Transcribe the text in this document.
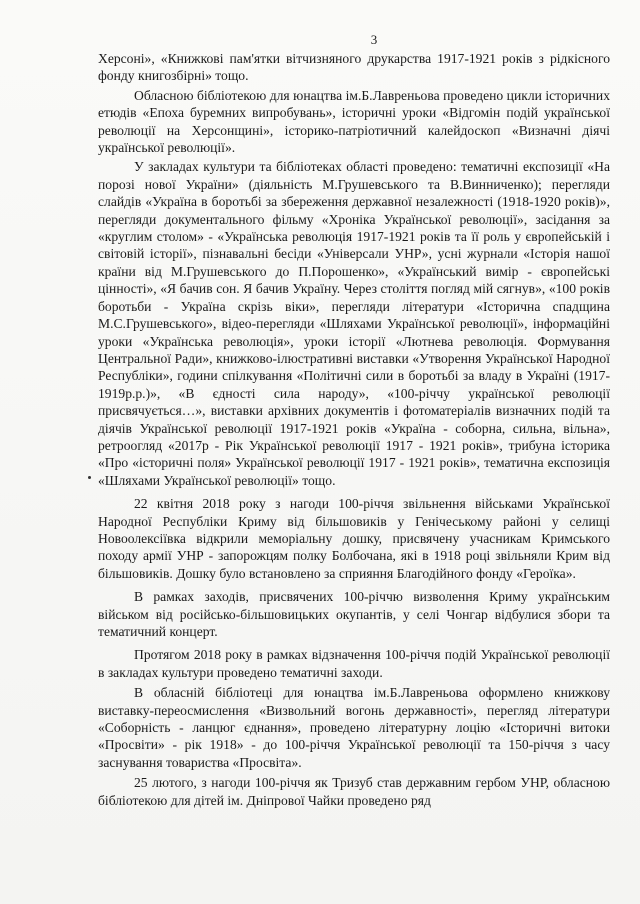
3

Херсоні», «Книжкові пам'ятки вітчизняного друкарства 1917-1921 років з рідкісного фонду книгозбірні» тощо.

Обласною бібліотекою для юнацтва ім.Б.Лавреньова проведено цикли історичних етюдів «Епоха буремних випробувань», історичні уроки «Відгомін подій української революції на Херсонщині», історико-патріотичний калейдоскоп «Визначні діячі української революції».

У закладах культури та бібліотеках області проведено: тематичні експозиції «На порозі нової України» (діяльність М.Грушевського та В.Винниченко); перегляди слайдів «Україна в боротьбі за збереження державної незалежності (1918-1920 років)», перегляди документального фільму «Хроніка Української революції», засідання за «круглим столом» - «Українська революція 1917-1921 років та її роль у європейській і світовій історії», пізнавальні бесіди «Універсали УНР», усні журнали «Історія нашої країни від М.Грушевського до П.Порошенко», «Український вимір - європейські цінності», «Я бачив сон. Я бачив Україну. Через століття погляд мій сягнув», «100 років боротьби - Україна скрізь віки», перегляди літератури «Історична спадщина М.С.Грушевського», відео-перегляди «Шляхами Української революції», інформаційні уроки «Українська революція», уроки історії «Лютнева революція. Формування Центральної Ради», книжково-ілюстративні виставки «Утворення Української Народної Республіки», години спілкування «Політичні сили в боротьбі за владу в Україні (1917-1919р.р.)», «В єдності сила народу», «100-річчу української революції присвячується…», виставки архівних документів і фотоматеріалів визначних подій та діячів Української революції 1917-1921 років «Україна - соборна, сильна, вільна», ретроогляд «2017р - Рік Української революції 1917 - 1921 років», трибуна історика «Про «історичні поля» Української революції 1917 - 1921 років», тематична експозиція «Шляхами Української революції» тощо.

22 квітня 2018 року з нагоди 100-річчя звільнення військами Української Народної Республіки Криму від більшовиків у Генічеському районі у селищі Новоолексіївка відкрили меморіальну дошку, присвячену учасникам Кримського походу армії УНР - запорожцям полку Болбочана, які в 1918 році звільняли Крим від більшовиків. Дошку було встановлено за сприяння Благодійного фонду «Героїка».

В рамках заходів, присвячених 100-річчю визволення Криму українським військом від російсько-більшовицьких окупантів, у селі Чонгар відбулися збори та тематичний концерт.

Протягом 2018 року в рамках відзначення 100-річчя подій Української революції в закладах культури проведено тематичні заходи.

В обласній бібліотеці для юнацтва ім.Б.Лавреньова оформлено книжкову виставку-переосмислення «Визвольний вогонь державності», перегляд літератури «Соборність - ланцюг єднання», проведено літературну лоцію «Історичні витоки «Просвіти» - рік 1918» - до 100-річчя Української революції та 150-річчя з часу заснування товариства «Просвіта».

25 лютого, з нагоди 100-річчя як Тризуб став державним гербом УНР, обласною бібліотекою для дітей ім. Дніпрової Чайки проведено ряд
